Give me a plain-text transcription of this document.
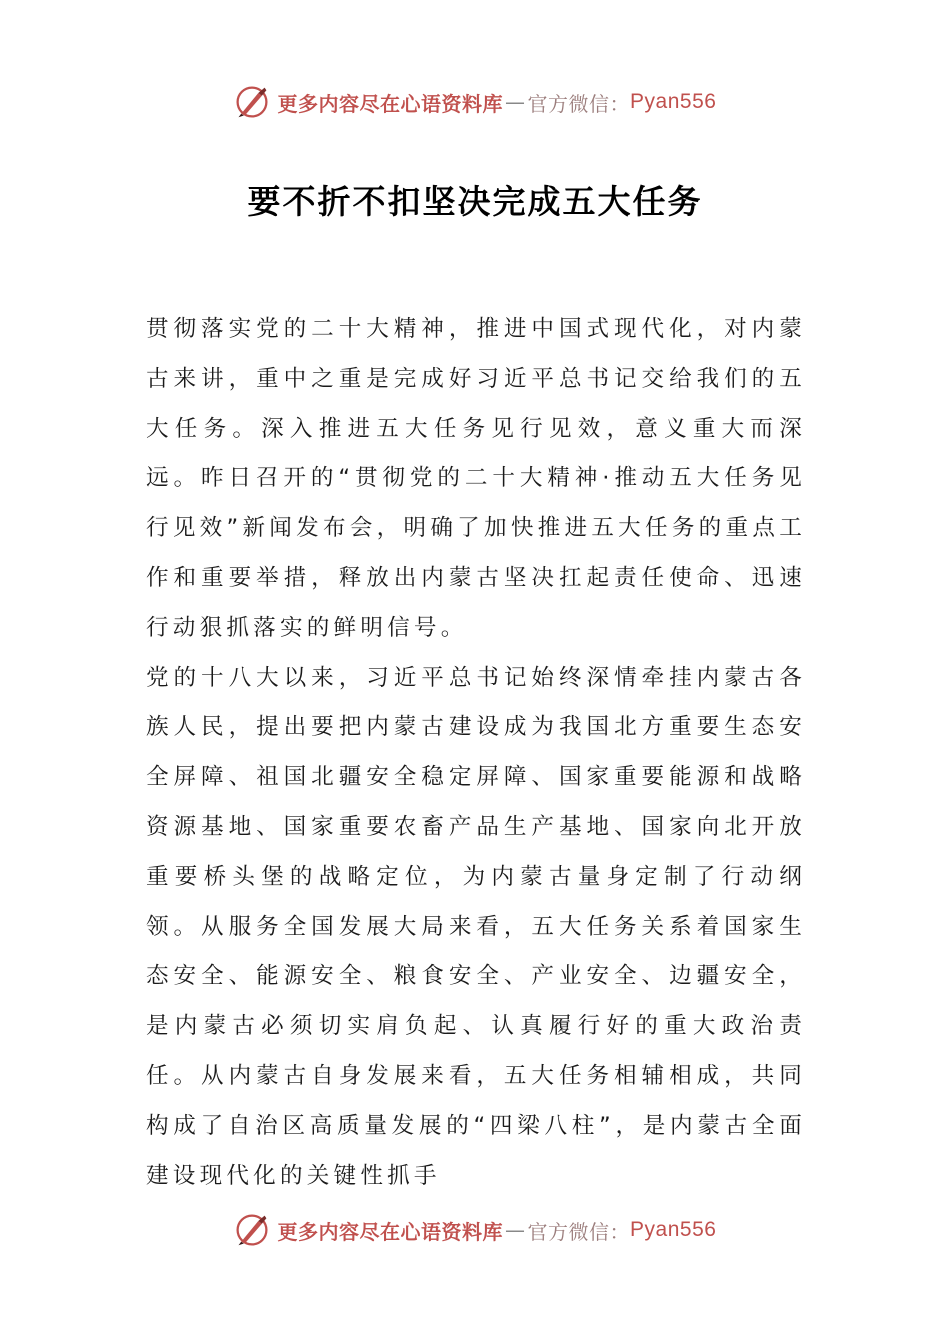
更多内容尽在心语资料库 — 官方微信： Pyan556
要不折不扣坚决完成五大任务

贯彻落实党的二十大精神，推进中国式现代化，对内蒙古来讲，重中之重是完成好习近平总书记交给我们的五大任务。深入推进五大任务见行见效，意义重大而深远。昨日召开的“贯彻党的二十大精神·推动五大任务见行见效”新闻发布会，明确了加快推进五大任务的重点工作和重要举措，释放出内蒙古坚决扛起责任使命、迅速行动狠抓落实的鲜明信号。

党的十八大以来，习近平总书记始终深情牵挂内蒙古各族人民，提出要把内蒙古建设成为我国北方重要生态安全屏障、祖国北疆安全稳定屏障、国家重要能源和战略资源基地、国家重要农畜产品生产基地、国家向北开放重要桥头堡的战略定位，为内蒙古量身定制了行动纲领。从服务全国发展大局来看，五大任务关系着国家生态安全、能源安全、粮食安全、产业安全、边疆安全，是内蒙古必须切实肩负起、认真履行好的重大政治责任。从内蒙古自身发展来看，五大任务相辅相成，共同构成了自治区高质量发展的“四梁八柱”，是内蒙古全面建设现代化的关键性抓手

更多内容尽在心语资料库 — 官方微信： Pyan556
